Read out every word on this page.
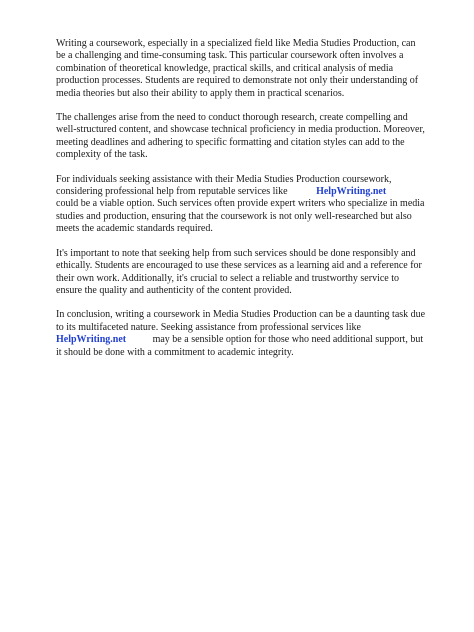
Writing a coursework, especially in a specialized field like Media Studies Production, can be a challenging and time-consuming task. This particular coursework often involves a combination of theoretical knowledge, practical skills, and critical analysis of media production processes. Students are required to demonstrate not only their understanding of media theories but also their ability to apply them in practical scenarios.

The challenges arise from the need to conduct thorough research, create compelling and well-structured content, and showcase technical proficiency in media production. Moreover, meeting deadlines and adhering to specific formatting and citation styles can add to the complexity of the task.

For individuals seeking assistance with their Media Studies Production coursework, considering professional help from reputable services like	HelpWriting.net could be a viable option. Such services often provide expert writers who specialize in media studies and production, ensuring that the coursework is not only well-researched but also meets the academic standards required.

It's important to note that seeking help from such services should be done responsibly and ethically. Students are encouraged to use these services as a learning aid and a reference for their own work. Additionally, it's crucial to select a reliable and trustworthy service to ensure the quality and authenticity of the content provided.

In conclusion, writing a coursework in Media Studies Production can be a daunting task due to its multifaceted nature. Seeking assistance from professional services like HelpWriting.net	may be a sensible option for those who need additional support, but it should be done with a commitment to academic integrity.
